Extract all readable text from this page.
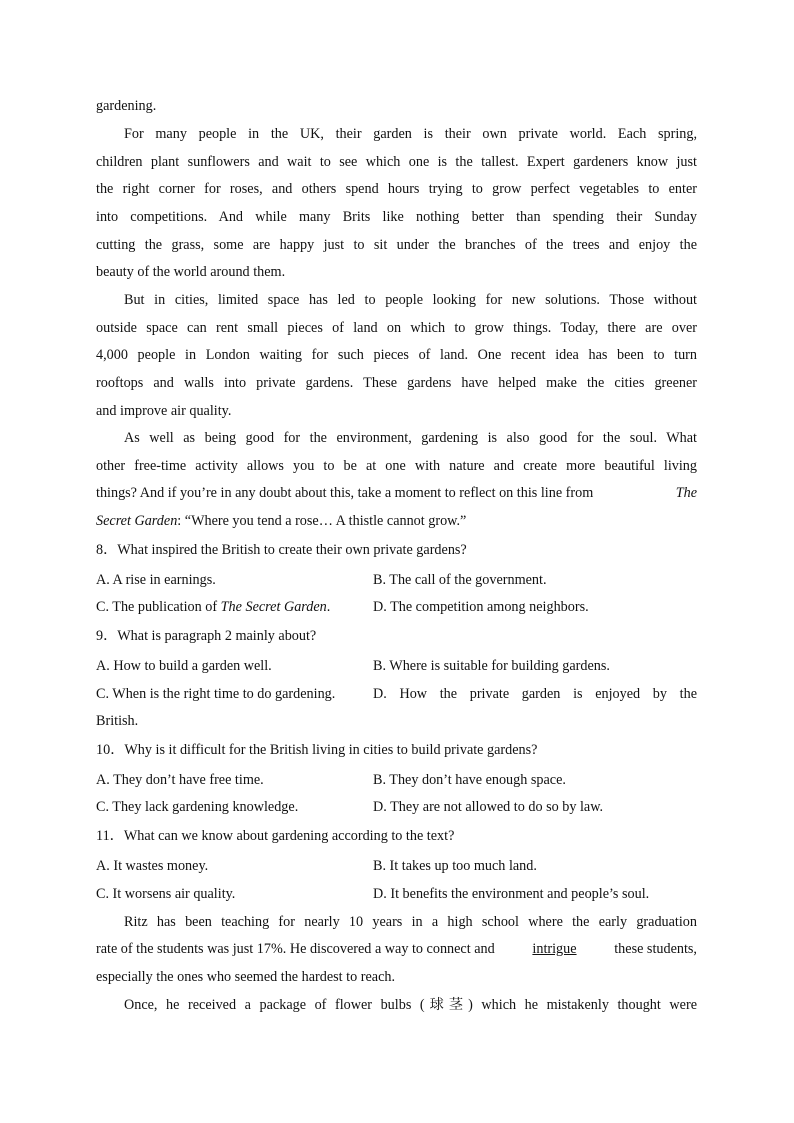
gardening.
For many people in the UK, their garden is their own private world. Each spring,
children plant sunflowers and wait to see which one is the tallest. Expert gardeners know just
the right corner for roses, and others spend hours trying to grow perfect vegetables to enter
into competitions. And while many Brits like nothing better than spending their Sunday
cutting the grass, some are happy just to sit under the branches of the trees and enjoy the
beauty of the world around them.
But in cities, limited space has led to people looking for new solutions. Those without
outside space can rent small pieces of land on which to grow things. Today, there are over
4,000 people in London waiting for such pieces of land. One recent idea has been to turn
rooftops and walls into private gardens. These gardens have helped make the cities greener
and improve air quality.
As well as being good for the environment, gardening is also good for the soul. What
other free-time activity allows you to be at one with nature and create more beautiful living
things? And if you’re in any doubt about this, take a moment to reflect on this line from	The
Secret Garden: “Where you tend a rose… A thistle cannot grow.”
8．What inspired the British to create their own private gardens?
A. A rise in earnings.	B. The call of the government.
C. The publication of The Secret Garden.	D. The competition among neighbors.
9．What is paragraph 2 mainly about?
A. How to build a garden well.	B. Where is suitable for building gardens.
C. When is the right time to do gardening.	D. How the private garden is enjoyed by the
British.
10．Why is it difficult for the British living in cities to build private gardens?
A. They don’t have free time.	B. They don’t have enough space.
C. They lack gardening knowledge.	D. They are not allowed to do so by law.
11．What can we know about gardening according to the text?
A. It wastes money.	B. It takes up too much land.
C. It worsens air quality.	D. It benefits the environment and people’s soul.
Ritz has been teaching for nearly 10 years in a high school where the early graduation
rate of the students was just 17%. He discovered a way to connect and	intrigue	these students,
especially the ones who seemed the hardest to reach.
Once, he received a package of flower bulbs (球茎) which he mistakenly thought were
